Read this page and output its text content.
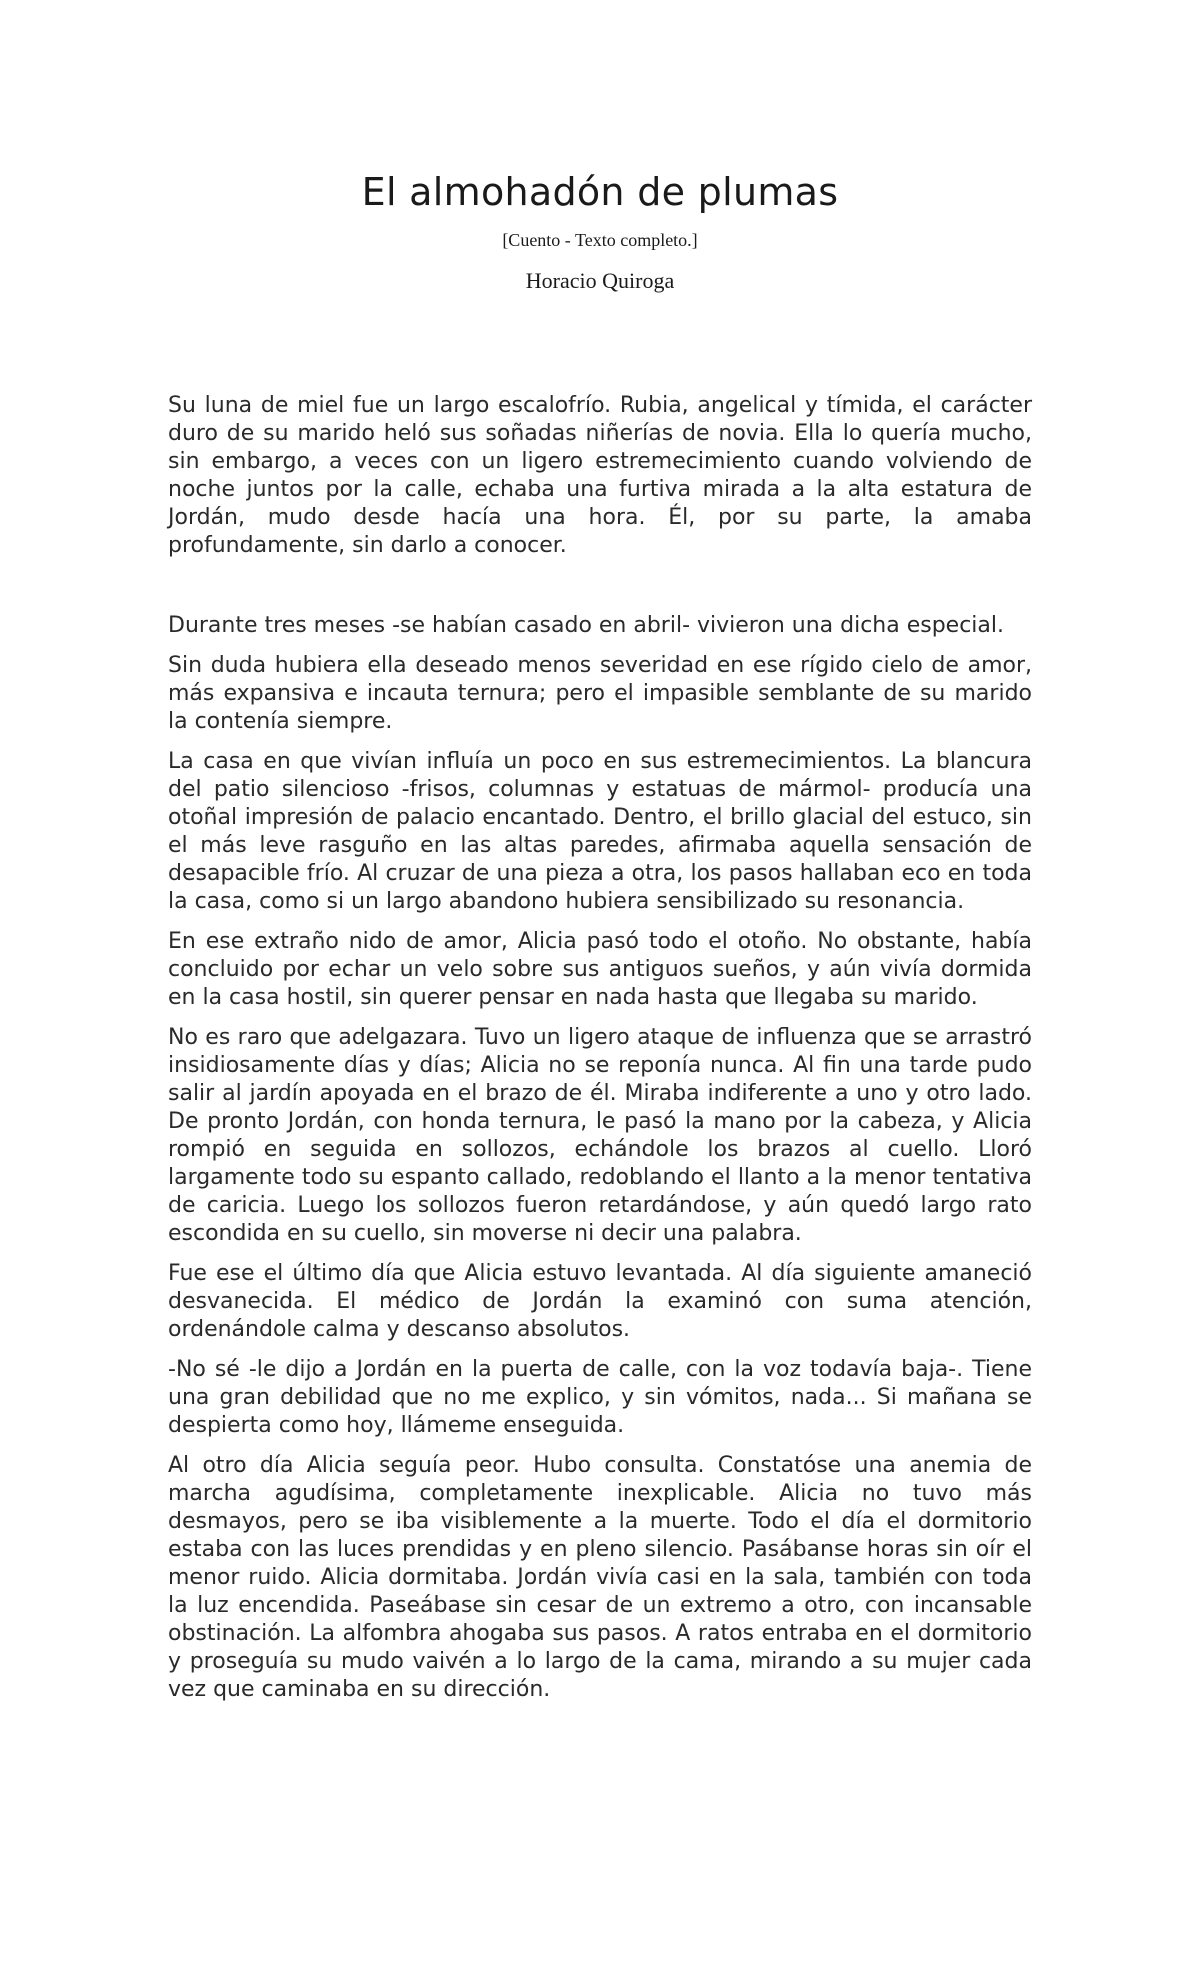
El almohadón de plumas
[Cuento - Texto completo.]
Horacio Quiroga

Su luna de miel fue un largo escalofrío. Rubia, angelical y tímida, el carácter duro de su marido heló sus soñadas niñerías de novia. Ella lo quería mucho, sin embargo, a veces con un ligero estremecimiento cuando volviendo de noche juntos por la calle, echaba una furtiva mirada a la alta estatura de Jordán, mudo desde hacía una hora. Él, por su parte, la amaba profundamente, sin darlo a conocer.

Durante tres meses -se habían casado en abril- vivieron una dicha especial.

Sin duda hubiera ella deseado menos severidad en ese rígido cielo de amor, más expansiva e incauta ternura; pero el impasible semblante de su marido la contenía siempre.

La casa en que vivían influía un poco en sus estremecimientos. La blancura del patio silencioso -frisos, columnas y estatuas de mármol- producía una otoñal impresión de palacio encantado. Dentro, el brillo glacial del estuco, sin el más leve rasguño en las altas paredes, afirmaba aquella sensación de desapacible frío. Al cruzar de una pieza a otra, los pasos hallaban eco en toda la casa, como si un largo abandono hubiera sensibilizado su resonancia.

En ese extraño nido de amor, Alicia pasó todo el otoño. No obstante, había concluido por echar un velo sobre sus antiguos sueños, y aún vivía dormida en la casa hostil, sin querer pensar en nada hasta que llegaba su marido.

No es raro que adelgazara. Tuvo un ligero ataque de influenza que se arrastró insidiosamente días y días; Alicia no se reponía nunca. Al fin una tarde pudo salir al jardín apoyada en el brazo de él. Miraba indiferente a uno y otro lado. De pronto Jordán, con honda ternura, le pasó la mano por la cabeza, y Alicia rompió en seguida en sollozos, echándole los brazos al cuello. Lloró largamente todo su espanto callado, redoblando el llanto a la menor tentativa de caricia. Luego los sollozos fueron retardándose, y aún quedó largo rato escondida en su cuello, sin moverse ni decir una palabra.

Fue ese el último día que Alicia estuvo levantada. Al día siguiente amaneció desvanecida. El médico de Jordán la examinó con suma atención, ordenándole calma y descanso absolutos.

-No sé -le dijo a Jordán en la puerta de calle, con la voz todavía baja-. Tiene una gran debilidad que no me explico, y sin vómitos, nada... Si mañana se despierta como hoy, llámeme enseguida.

Al otro día Alicia seguía peor. Hubo consulta. Constatóse una anemia de marcha agudísima, completamente inexplicable. Alicia no tuvo más desmayos, pero se iba visiblemente a la muerte. Todo el día el dormitorio estaba con las luces prendidas y en pleno silencio. Pasábanse horas sin oír el menor ruido. Alicia dormitaba. Jordán vivía casi en la sala, también con toda la luz encendida. Paseábase sin cesar de un extremo a otro, con incansable obstinación. La alfombra ahogaba sus pasos. A ratos entraba en el dormitorio y proseguía su mudo vaivén a lo largo de la cama, mirando a su mujer cada vez que caminaba en su dirección.
